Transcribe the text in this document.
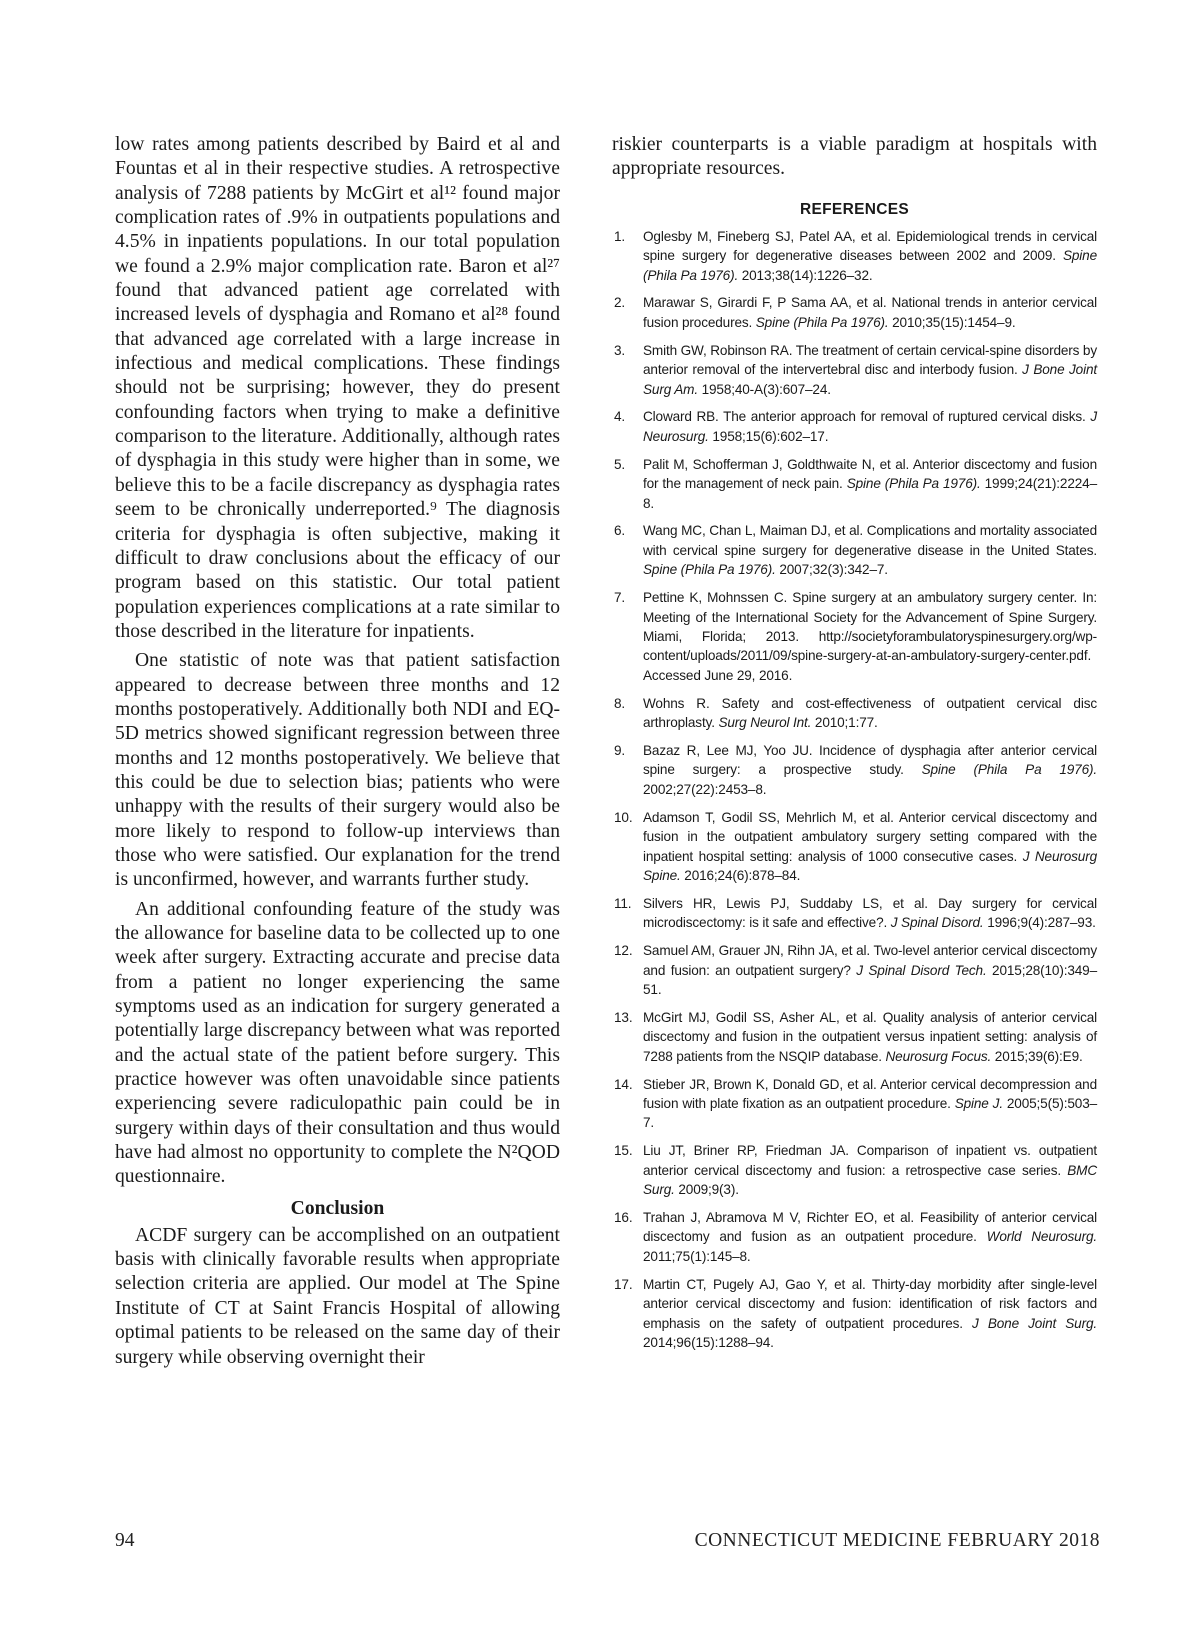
low rates among patients described by Baird et al and Fountas et al in their respective studies. A retrospective analysis of 7288 patients by McGirt et al¹² found major complication rates of .9% in outpatients populations and 4.5% in inpatients populations. In our total population we found a 2.9% major complication rate. Baron et al²⁷ found that advanced patient age correlated with increased levels of dysphagia and Romano et al²⁸ found that advanced age correlated with a large increase in infectious and medical complications. These findings should not be surprising; however, they do present confounding factors when trying to make a definitive comparison to the literature. Additionally, although rates of dysphagia in this study were higher than in some, we believe this to be a facile discrepancy as dysphagia rates seem to be chronically underreported.⁹ The diagnosis criteria for dysphagia is often subjective, making it difficult to draw conclusions about the efficacy of our program based on this statistic. Our total patient population experiences complications at a rate similar to those described in the literature for inpatients.

One statistic of note was that patient satisfaction appeared to decrease between three months and 12 months postoperatively. Additionally both NDI and EQ-5D metrics showed significant regression between three months and 12 months postoperatively. We believe that this could be due to selection bias; patients who were unhappy with the results of their surgery would also be more likely to respond to follow-up interviews than those who were satisfied. Our explanation for the trend is unconfirmed, however, and warrants further study.

An additional confounding feature of the study was the allowance for baseline data to be collected up to one week after surgery. Extracting accurate and precise data from a patient no longer experiencing the same symptoms used as an indication for surgery generated a potentially large discrepancy between what was reported and the actual state of the patient before surgery. This practice however was often unavoidable since patients experiencing severe radiculopathic pain could be in surgery within days of their consultation and thus would have had almost no opportunity to complete the N²QOD questionnaire.

Conclusion

ACDF surgery can be accomplished on an outpatient basis with clinically favorable results when appropriate selection criteria are applied. Our model at The Spine Institute of CT at Saint Francis Hospital of allowing optimal patients to be released on the same day of their surgery while observing overnight their

riskier counterparts is a viable paradigm at hospitals with appropriate resources.

REFERENCES
1. Oglesby M, Fineberg SJ, Patel AA, et al. Epidemiological trends in cervical spine surgery for degenerative diseases between 2002 and 2009. Spine (Phila Pa 1976). 2013;38(14):1226–32.
2. Marawar S, Girardi F, P Sama AA, et al. National trends in anterior cervical fusion procedures. Spine (Phila Pa 1976). 2010;35(15):1454–9.
3. Smith GW, Robinson RA. The treatment of certain cervical-spine disorders by anterior removal of the intervertebral disc and interbody fusion. J Bone Joint Surg Am. 1958;40-A(3):607–24.
4. Cloward RB. The anterior approach for removal of ruptured cervical disks. J Neurosurg. 1958;15(6):602–17.
5. Palit M, Schofferman J, Goldthwaite N, et al. Anterior discectomy and fusion for the management of neck pain. Spine (Phila Pa 1976). 1999;24(21):2224–8.
6. Wang MC, Chan L, Maiman DJ, et al. Complications and mortality associated with cervical spine surgery for degenerative disease in the United States. Spine (Phila Pa 1976). 2007;32(3):342–7.
7. Pettine K, Mohnssen C. Spine surgery at an ambulatory surgery center. In: Meeting of the International Society for the Advancement of Spine Surgery. Miami, Florida; 2013. http://societyforambulatoryspinesurgery.org/wp-content/uploads/2011/09/spine-surgery-at-an-ambulatory-surgery-center.pdf. Accessed June 29, 2016.
8. Wohns R. Safety and cost-effectiveness of outpatient cervical disc arthroplasty. Surg Neurol Int. 2010;1:77.
9. Bazaz R, Lee MJ, Yoo JU. Incidence of dysphagia after anterior cervical spine surgery: a prospective study. Spine (Phila Pa 1976). 2002;27(22):2453–8.
10. Adamson T, Godil SS, Mehrlich M, et al. Anterior cervical discectomy and fusion in the outpatient ambulatory surgery setting compared with the inpatient hospital setting: analysis of 1000 consecutive cases. J Neurosurg Spine. 2016;24(6):878–84.
11. Silvers HR, Lewis PJ, Suddaby LS, et al. Day surgery for cervical microdiscectomy: is it safe and effective?. J Spinal Disord. 1996;9(4):287–93.
12. Samuel AM, Grauer JN, Rihn JA, et al. Two-level anterior cervical discectomy and fusion: an outpatient surgery? J Spinal Disord Tech. 2015;28(10):349–51.
13. McGirt MJ, Godil SS, Asher AL, et al. Quality analysis of anterior cervical discectomy and fusion in the outpatient versus inpatient setting: analysis of 7288 patients from the NSQIP database. Neurosurg Focus. 2015;39(6):E9.
14. Stieber JR, Brown K, Donald GD, et al. Anterior cervical decompression and fusion with plate fixation as an outpatient procedure. Spine J. 2005;5(5):503–7.
15. Liu JT, Briner RP, Friedman JA. Comparison of inpatient vs. outpatient anterior cervical discectomy and fusion: a retrospective case series. BMC Surg. 2009;9(3).
16. Trahan J, Abramova M V, Richter EO, et al. Feasibility of anterior cervical discectomy and fusion as an outpatient procedure. World Neurosurg. 2011;75(1):145–8.
17. Martin CT, Pugely AJ, Gao Y, et al. Thirty-day morbidity after single-level anterior cervical discectomy and fusion: identification of risk factors and emphasis on the safety of outpatient procedures. J Bone Joint Surg. 2014;96(15):1288–94.
94	CONNECTICUT MEDICINE FEBRUARY 2018
